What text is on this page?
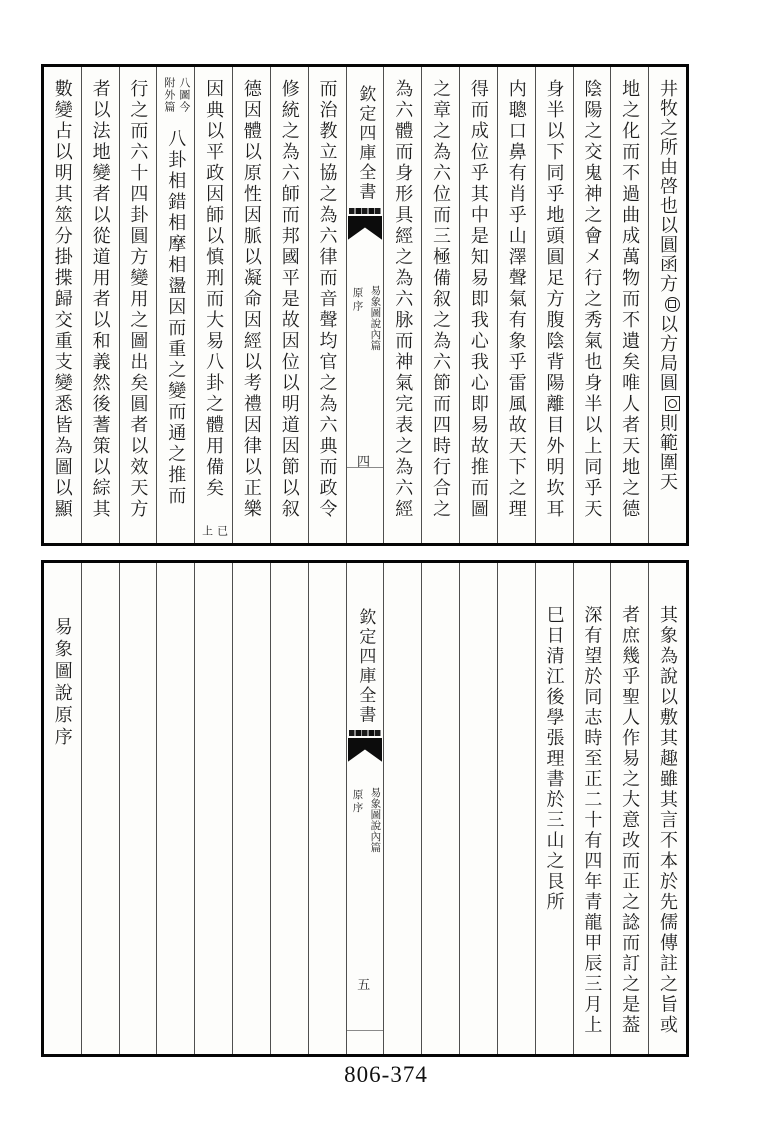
井牧之所由啓也以圓函方以方局圓則範圍天
地之化而不過曲成萬物而不遺矣唯人者天地之德
陰陽之交鬼神之會㐅行之秀氣也身半以上同乎天
身半以下同乎地頭圓足方腹陰背陽離目外明坎耳
内聰口鼻有肖乎山澤聲氣有象乎雷風故天下之理
得而成位乎其中是知易即我心我心即易故推而圖
之章之為六位而三極備叙之為六節而四時行合之
為六體而身形具經之為六脉而神氣完表之為六經
欽定四庫全書
易象圖說內篇
原序
四
而治教立協之為六律而音聲均官之為六典而政令
修統之為六師而邦國平是故因位以明道因節以叙
德因體以原性因脈以凝命因經以考禮因律以正樂
因典以平政因師以慎刑而大易八卦之體用備矣
已
上
八圖今
附外篇
八卦相錯相摩相盪因而重之變而通之推而
行之而六十四卦圓方變用之圖出矣圓者以效天方
者以法地變者以從道用者以和義然後蓍策以綜其
數變占以明其筮分掛揲歸交重支變悉皆為圖以顯
其象為說以敷其趣雖其言不本於先儒傳註之旨或
者庶幾乎聖人作易之大意改而正之諗而訂之是葢
深有望於同志時至正二十有四年青龍甲辰三月上
巳日清江後學張理書於三山之艮所
欽定四庫全書
易象圖說內篇
原序
五
易象圖說原序
806-374
